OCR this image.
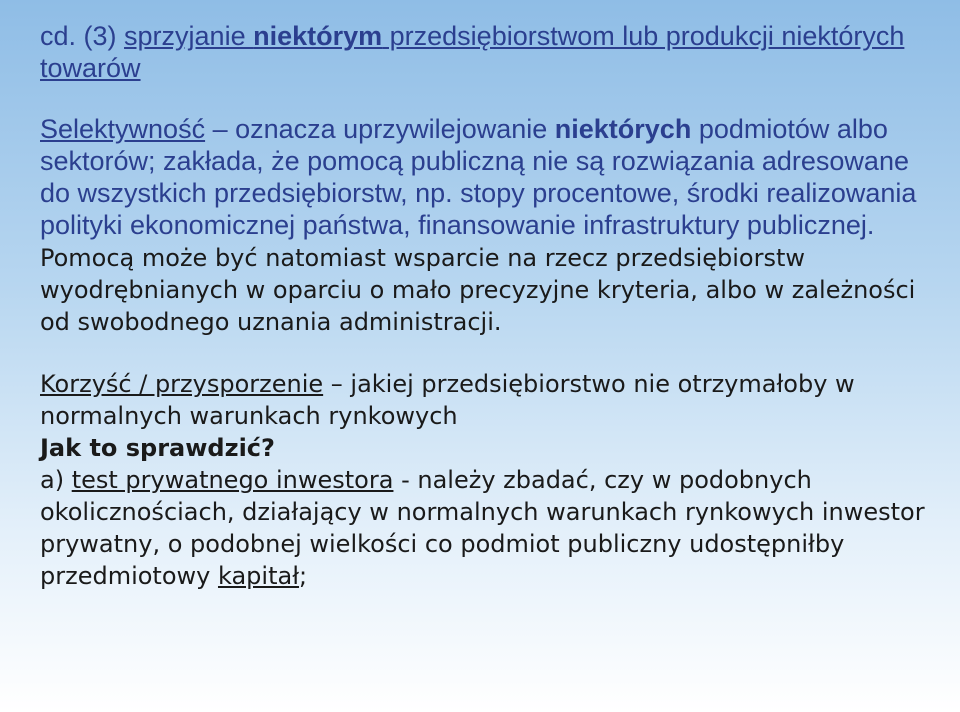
cd. (3) sprzyjanie niektórym przedsiębiorstwom lub produkcji niektórych towarów

Selektywność – oznacza uprzywilejowanie niektórych podmiotów albo sektorów; zakłada, że pomocą publiczną nie są rozwiązania adresowane do wszystkich przedsiębiorstw, np. stopy procentowe, środki realizowania polityki ekonomicznej państwa, finansowanie infrastruktury publicznej. Pomocą może być natomiast wsparcie na rzecz przedsiębiorstw wyodrębnianych w oparciu o mało precyzyjne kryteria, albo w zależności od swobodnego uznania administracji.

Korzyść / przysporzenie – jakiej przedsiębiorstwo nie otrzymałoby w normalnych warunkach rynkowych
Jak to sprawdzić?
a) test prywatnego inwestora - należy zbadać, czy w podobnych okolicznościach, działający w normalnych warunkach rynkowych inwestor prywatny, o podobnej wielkości co podmiot publiczny udostępniłby przedmiotowy kapitał;
